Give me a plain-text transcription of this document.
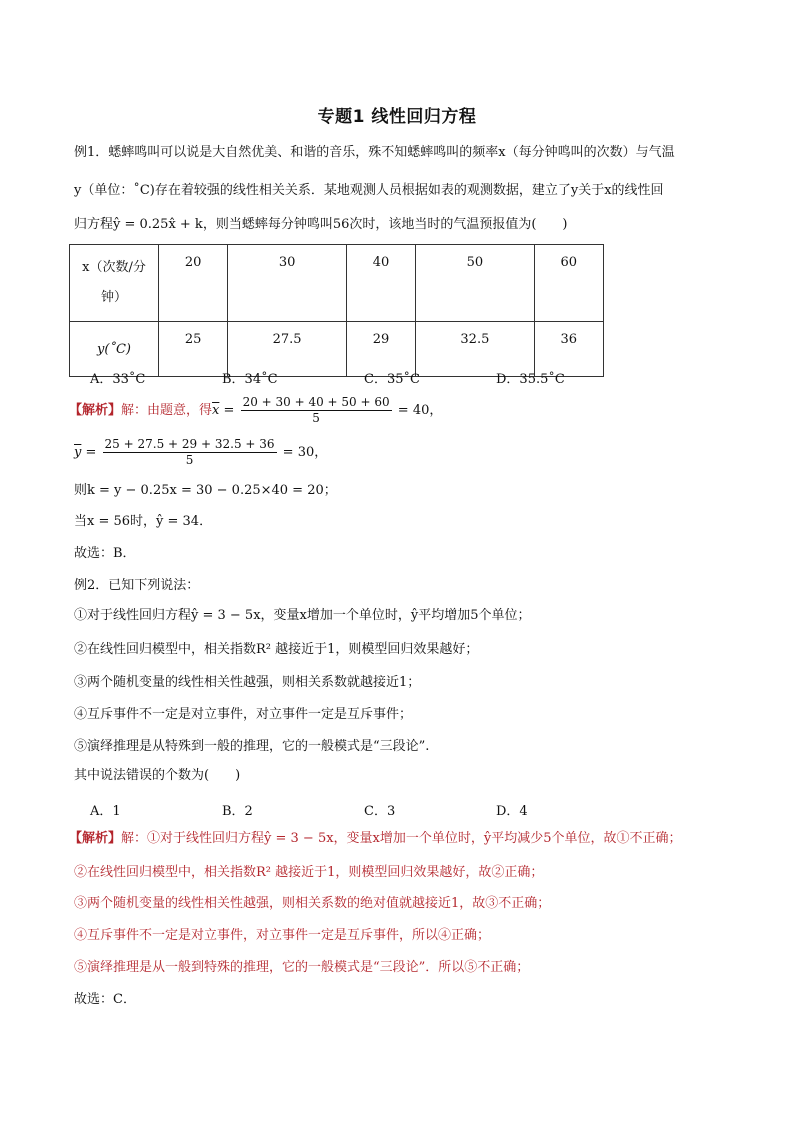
专题1 线性回归方程
例1．蟋蟀鸣叫可以说是大自然优美、和谐的音乐，殊不知蟋蟀鸣叫的频率x（每分钟鸣叫的次数）与气温
y（单位：˚C)存在着较强的线性相关关系．某地观测人员根据如表的观测数据，建立了y关于x的线性回
归方程ŷ = 0.25x̂ + k，则当蟋蟀每分钟鸣叫56次时，该地当时的气温预报值为(　　)
x（次数/分
钟）	20	30	40	50	60
y(˚C)	25	27.5	29	32.5	36
A．33˚C	B．34˚C	C．35˚C	D．35.5˚C
【解析】解：由题意，得$\overline{x} = \frac{20 + 30 + 40 + 50 + 60}{5} = 40$，
$\overline{y} = \frac{25 + 27.5 + 29 + 32.5 + 36}{5} = 30$，
则k = y − 0.25x = 30 − 0.25×40 = 20；
当x = 56时，ŷ = 34．
故选：B．
例2．已知下列说法：
①对于线性回归方程ŷ = 3 − 5x，变量x增加一个单位时，ŷ平均增加5个单位；
②在线性回归模型中，相关指数R² 越接近于1，则模型回归效果越好；
③两个随机变量的线性相关性越强，则相关系数就越接近1；
④互斥事件不一定是对立事件，对立事件一定是互斥事件；
⑤演绎推理是从特殊到一般的推理，它的一般模式是“三段论”.
其中说法错误的个数为(　　)
A．1	B．2	C．3	D．4
【解析】解：①对于线性回归方程ŷ = 3 − 5x，变量x增加一个单位时，ŷ平均减少5个单位，故①不正确；
②在线性回归模型中，相关指数R² 越接近于1，则模型回归效果越好，故②正确；
③两个随机变量的线性相关性越强，则相关系数的绝对值就越接近1，故③不正确；
④互斥事件不一定是对立事件，对立事件一定是互斥事件，所以④正确；
⑤演绎推理是从一般到特殊的推理，它的一般模式是“三段论”．所以⑤不正确；
故选：C．
